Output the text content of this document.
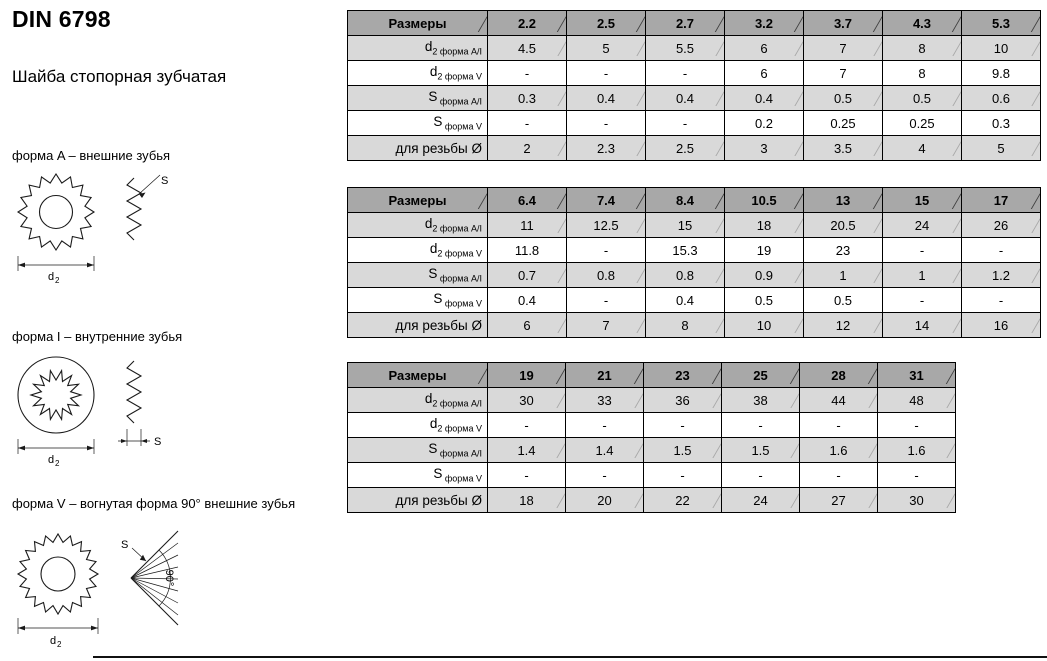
DIN 6798
Шайба стопорная зубчатая
форма A – внешние зубья
форма I – внутренние зубья
форма V – вогнутая форма 90° внешние зубья
d 2
S
d 2
S
d 2
90°
S
Размеры	2.2	2.5	2.7	3.2	3.7	4.3	5.3
$d_{2 форма A/I}$	4.5	5	5.5	6	7	8	10
$d_{2 форма V}$	-	-	-	6	7	8	9.8
S $_{форма A/I}$	0.3	0.4	0.4	0.4	0.5	0.5	0.6
S $_{форма V}$	-	-	-	0.2	0.25	0.25	0.3
для резьбы Ø	2	2.3	2.5	3	3.5	4	5
Размеры	6.4	7.4	8.4	10.5	13	15	17
$d_{2 форма A/I}$	11	12.5	15	18	20.5	24	26
$d_{2 форма V}$	11.8	-	15.3	19	23	-	-
S $_{форма A/I}$	0.7	0.8	0.8	0.9	1	1	1.2
S $_{форма V}$	0.4	-	0.4	0.5	0.5	-	-
для резьбы Ø	6	7	8	10	12	14	16
Размеры	19	21	23	25	28	31
$d_{2 форма A/I}$	30	33	36	38	44	48
$d_{2 форма V}$	-	-	-	-	-	-
S $_{форма A/I}$	1.4	1.4	1.5	1.5	1.6	1.6
S $_{форма V}$	-	-	-	-	-	-
для резьбы Ø	18	20	22	24	27	30
